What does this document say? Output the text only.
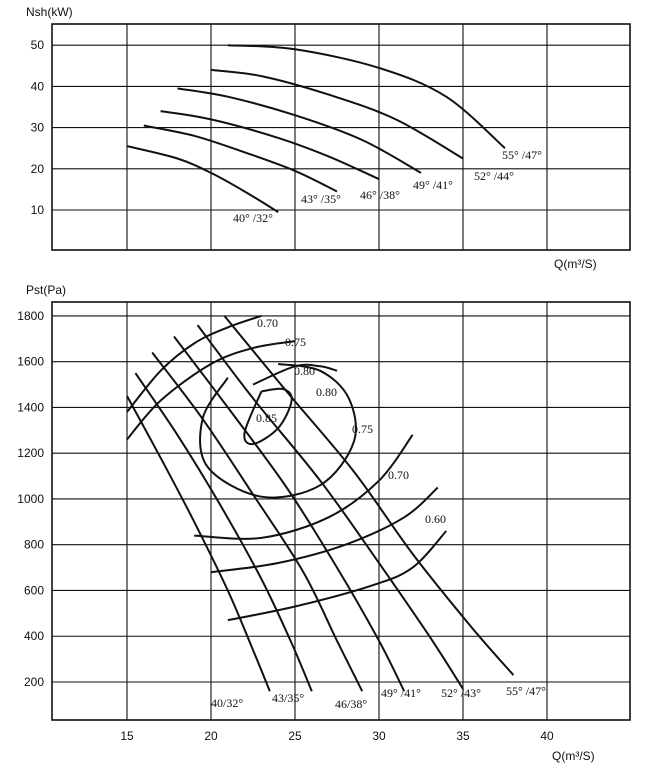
Nsh(kW)
10
20
30
40
50
40° /32°
43° /35° 46° /38°
49° /41°
52° /44°
55° /47°
Q(m³/S)
Pst(Pa)
200
400
600
800
1000
1200
1400
1600
1800
15	20	25	30	35	40
40/32° 43/35°	46/38°
49° /41° 52° /43° 55° /47°
0.70
0.75
0.80
0.80
0.85
0.75
0.70
0.60
Q(m³/S)
